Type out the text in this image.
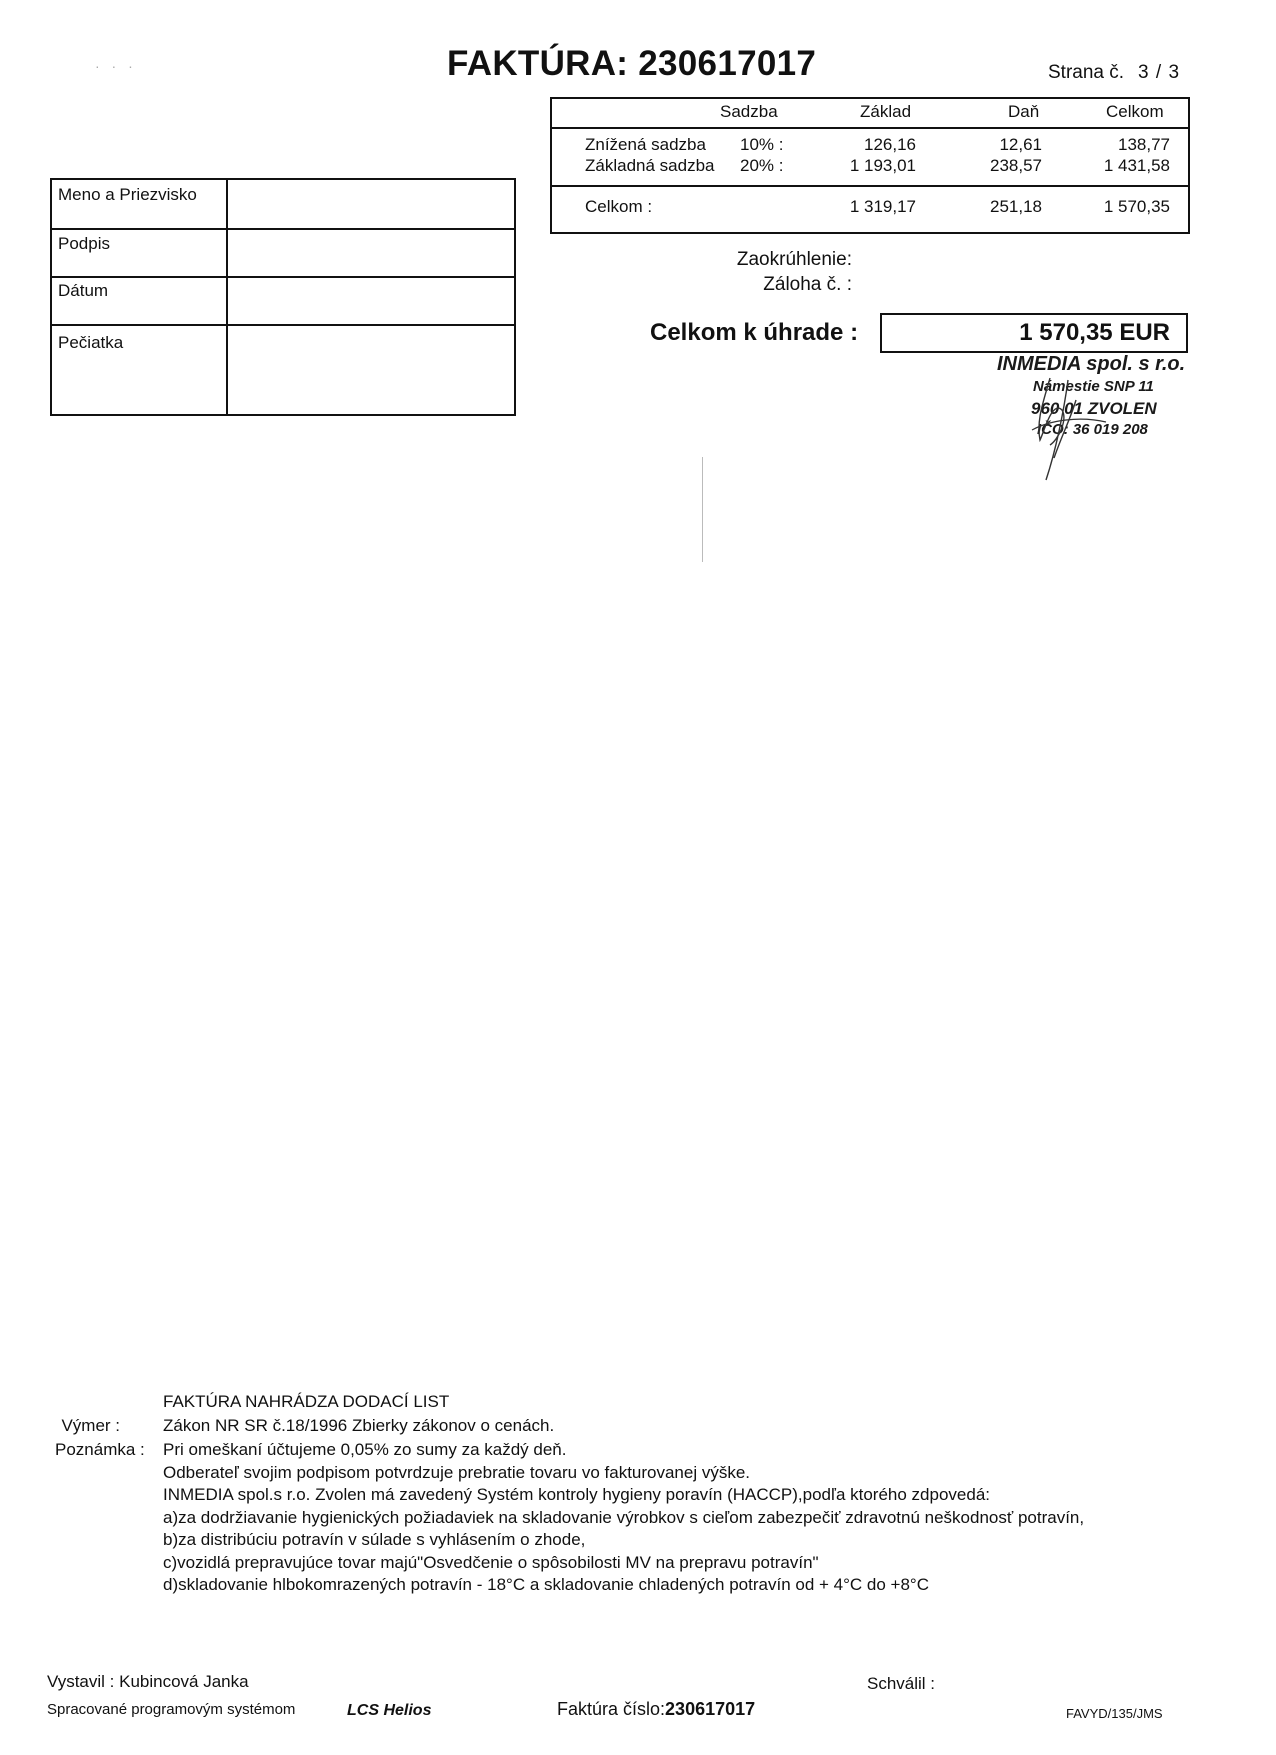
· · ·	FAKTÚRA: 230617017	Strana č. 3 / 3
Sadzba	Základ	Daň	Celkom
Znížená sadzba 10% :	126,16	12,61	138,77
Základná sadzba 20% :	1 193,01	238,57	1 431,58
Celkom :	1 319,17	251,18	1 570,35
Zaokrúhlenie:
Záloha č. :
Celkom k úhrade :	1 570,35 EUR
INMEDIA spol. s r.o.
Námestie SNP 11
960 01 ZVOLEN
IČO: 36 019 208
Meno a Priezvisko
Podpis
Dátum
Pečiatka
FAKTÚRA NAHRÁDZA DODACÍ LIST
Výmer :	Zákon NR SR č.18/1996 Zbierky zákonov o cenách.
Poznámka :	Pri omeškaní účtujeme 0,05% zo sumy za každý deň.
Odberateľ svojim podpisom potvrdzuje prebratie tovaru vo fakturovanej výške.
INMEDIA spol.s r.o. Zvolen má zavedený Systém kontroly hygieny poravín (HACCP),podľa ktorého zdpovedá:
a)za dodržiavanie hygienických požiadaviek na skladovanie výrobkov s cieľom zabezpečiť zdravotnú neškodnosť potravín,
b)za distribúciu potravín v súlade s vyhlásením o zhode,
c)vozidlá prepravujúce tovar majú"Osvedčenie o spôsobilosti MV na prepravu potravín"
d)skladovanie hlbokomrazených potravín - 18°C a skladovanie chladených potravín od + 4°C do +8°C
Vystavil : Kubincová Janka	Schválil :
Spracované programovým systémom	LCS Helios	Faktúra číslo:230617017	FAVYD/135/JMS
